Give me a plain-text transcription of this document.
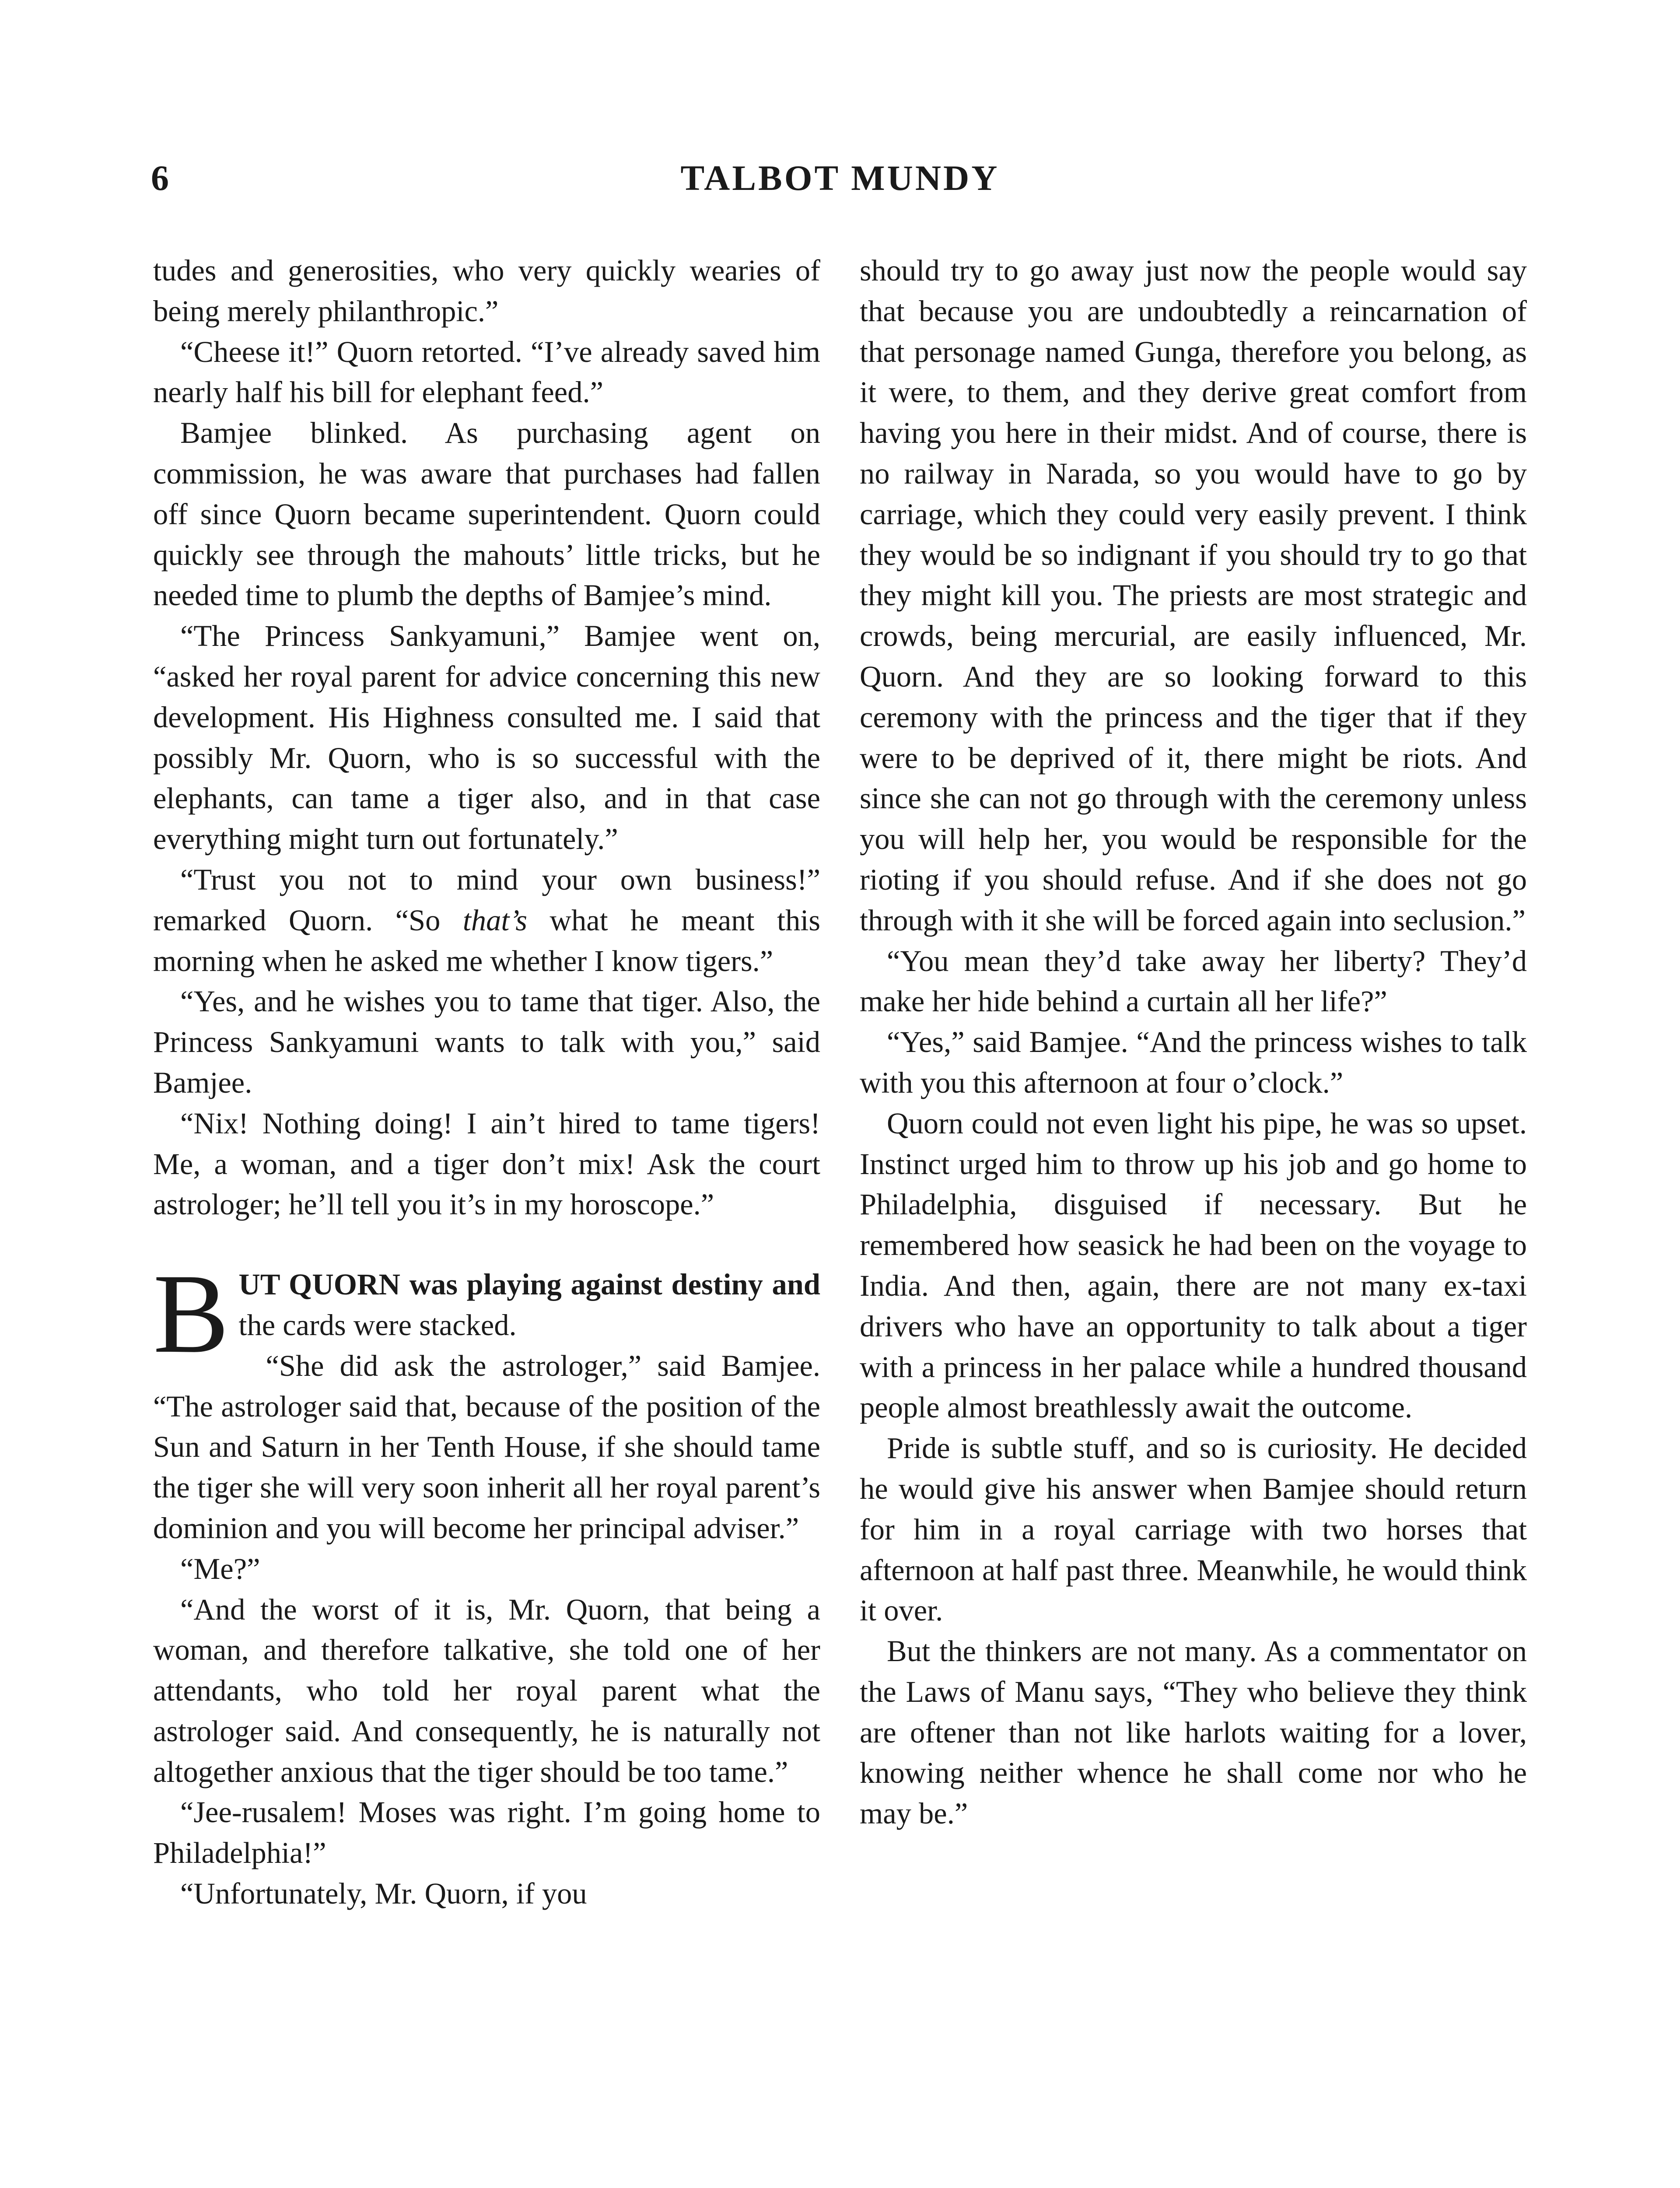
6	TALBOT MUNDY

tudes and generosities, who very quickly wearies of being merely philanthropic.”

“Cheese it!” Quorn retorted. “I’ve already saved him nearly half his bill for elephant feed.”

Bamjee blinked. As purchasing agent on commission, he was aware that purchases had fallen off since Quorn became superintendent. Quorn could quickly see through the mahouts’ little tricks, but he needed time to plumb the depths of Bamjee’s mind.

“The Princess Sankyamuni,” Bamjee went on, “asked her royal parent for advice concerning this new development. His Highness consulted me. I said that possibly Mr. Quorn, who is so successful with the elephants, can tame a tiger also, and in that case everything might turn out fortunately.”

“Trust you not to mind your own business!” remarked Quorn. “So that’s what he meant this morning when he asked me whether I know tigers.”

“Yes, and he wishes you to tame that tiger. Also, the Princess Sankyamuni wants to talk with you,” said Bamjee.

“Nix! Nothing doing! I ain’t hired to tame tigers! Me, a woman, and a tiger don’t mix! Ask the court astrologer; he’ll tell you it’s in my horoscope.”

BUT QUORN was playing against destiny and the cards were stacked.

“She did ask the astrologer,” said Bamjee. “The astrologer said that, because of the position of the Sun and Saturn in her Tenth House, if she should tame the tiger she will very soon inherit all her royal parent’s dominion and you will become her principal adviser.”

“Me?”

“And the worst of it is, Mr. Quorn, that being a woman, and therefore talkative, she told one of her attendants, who told her royal parent what the astrologer said. And consequently, he is naturally not altogether anxious that the tiger should be too tame.”

“Jee-rusalem! Moses was right. I’m going home to Philadelphia!”

“Unfortunately, Mr. Quorn, if you

should try to go away just now the people would say that because you are undoubtedly a reincarnation of that personage named Gunga, therefore you belong, as it were, to them, and they derive great comfort from having you here in their midst. And of course, there is no railway in Narada, so you would have to go by carriage, which they could very easily prevent. I think they would be so indignant if you should try to go that they might kill you. The priests are most strategic and crowds, being mercurial, are easily influenced, Mr. Quorn. And they are so looking forward to this ceremony with the princess and the tiger that if they were to be deprived of it, there might be riots. And since she can not go through with the ceremony unless you will help her, you would be responsible for the rioting if you should refuse. And if she does not go through with it she will be forced again into seclusion.”

“You mean they’d take away her liberty? They’d make her hide behind a curtain all her life?”

“Yes,” said Bamjee. “And the princess wishes to talk with you this afternoon at four o’clock.”

Quorn could not even light his pipe, he was so upset. Instinct urged him to throw up his job and go home to Philadelphia, disguised if necessary. But he remembered how seasick he had been on the voyage to India. And then, again, there are not many ex-taxi drivers who have an opportunity to talk about a tiger with a princess in her palace while a hundred thousand people almost breathlessly await the outcome.

Pride is subtle stuff, and so is curiosity. He decided he would give his answer when Bamjee should return for him in a royal carriage with two horses that afternoon at half past three. Meanwhile, he would think it over.

But the thinkers are not many. As a commentator on the Laws of Manu says, “They who believe they think are oftener than not like harlots waiting for a lover, knowing neither whence he shall come nor who he may be.”
